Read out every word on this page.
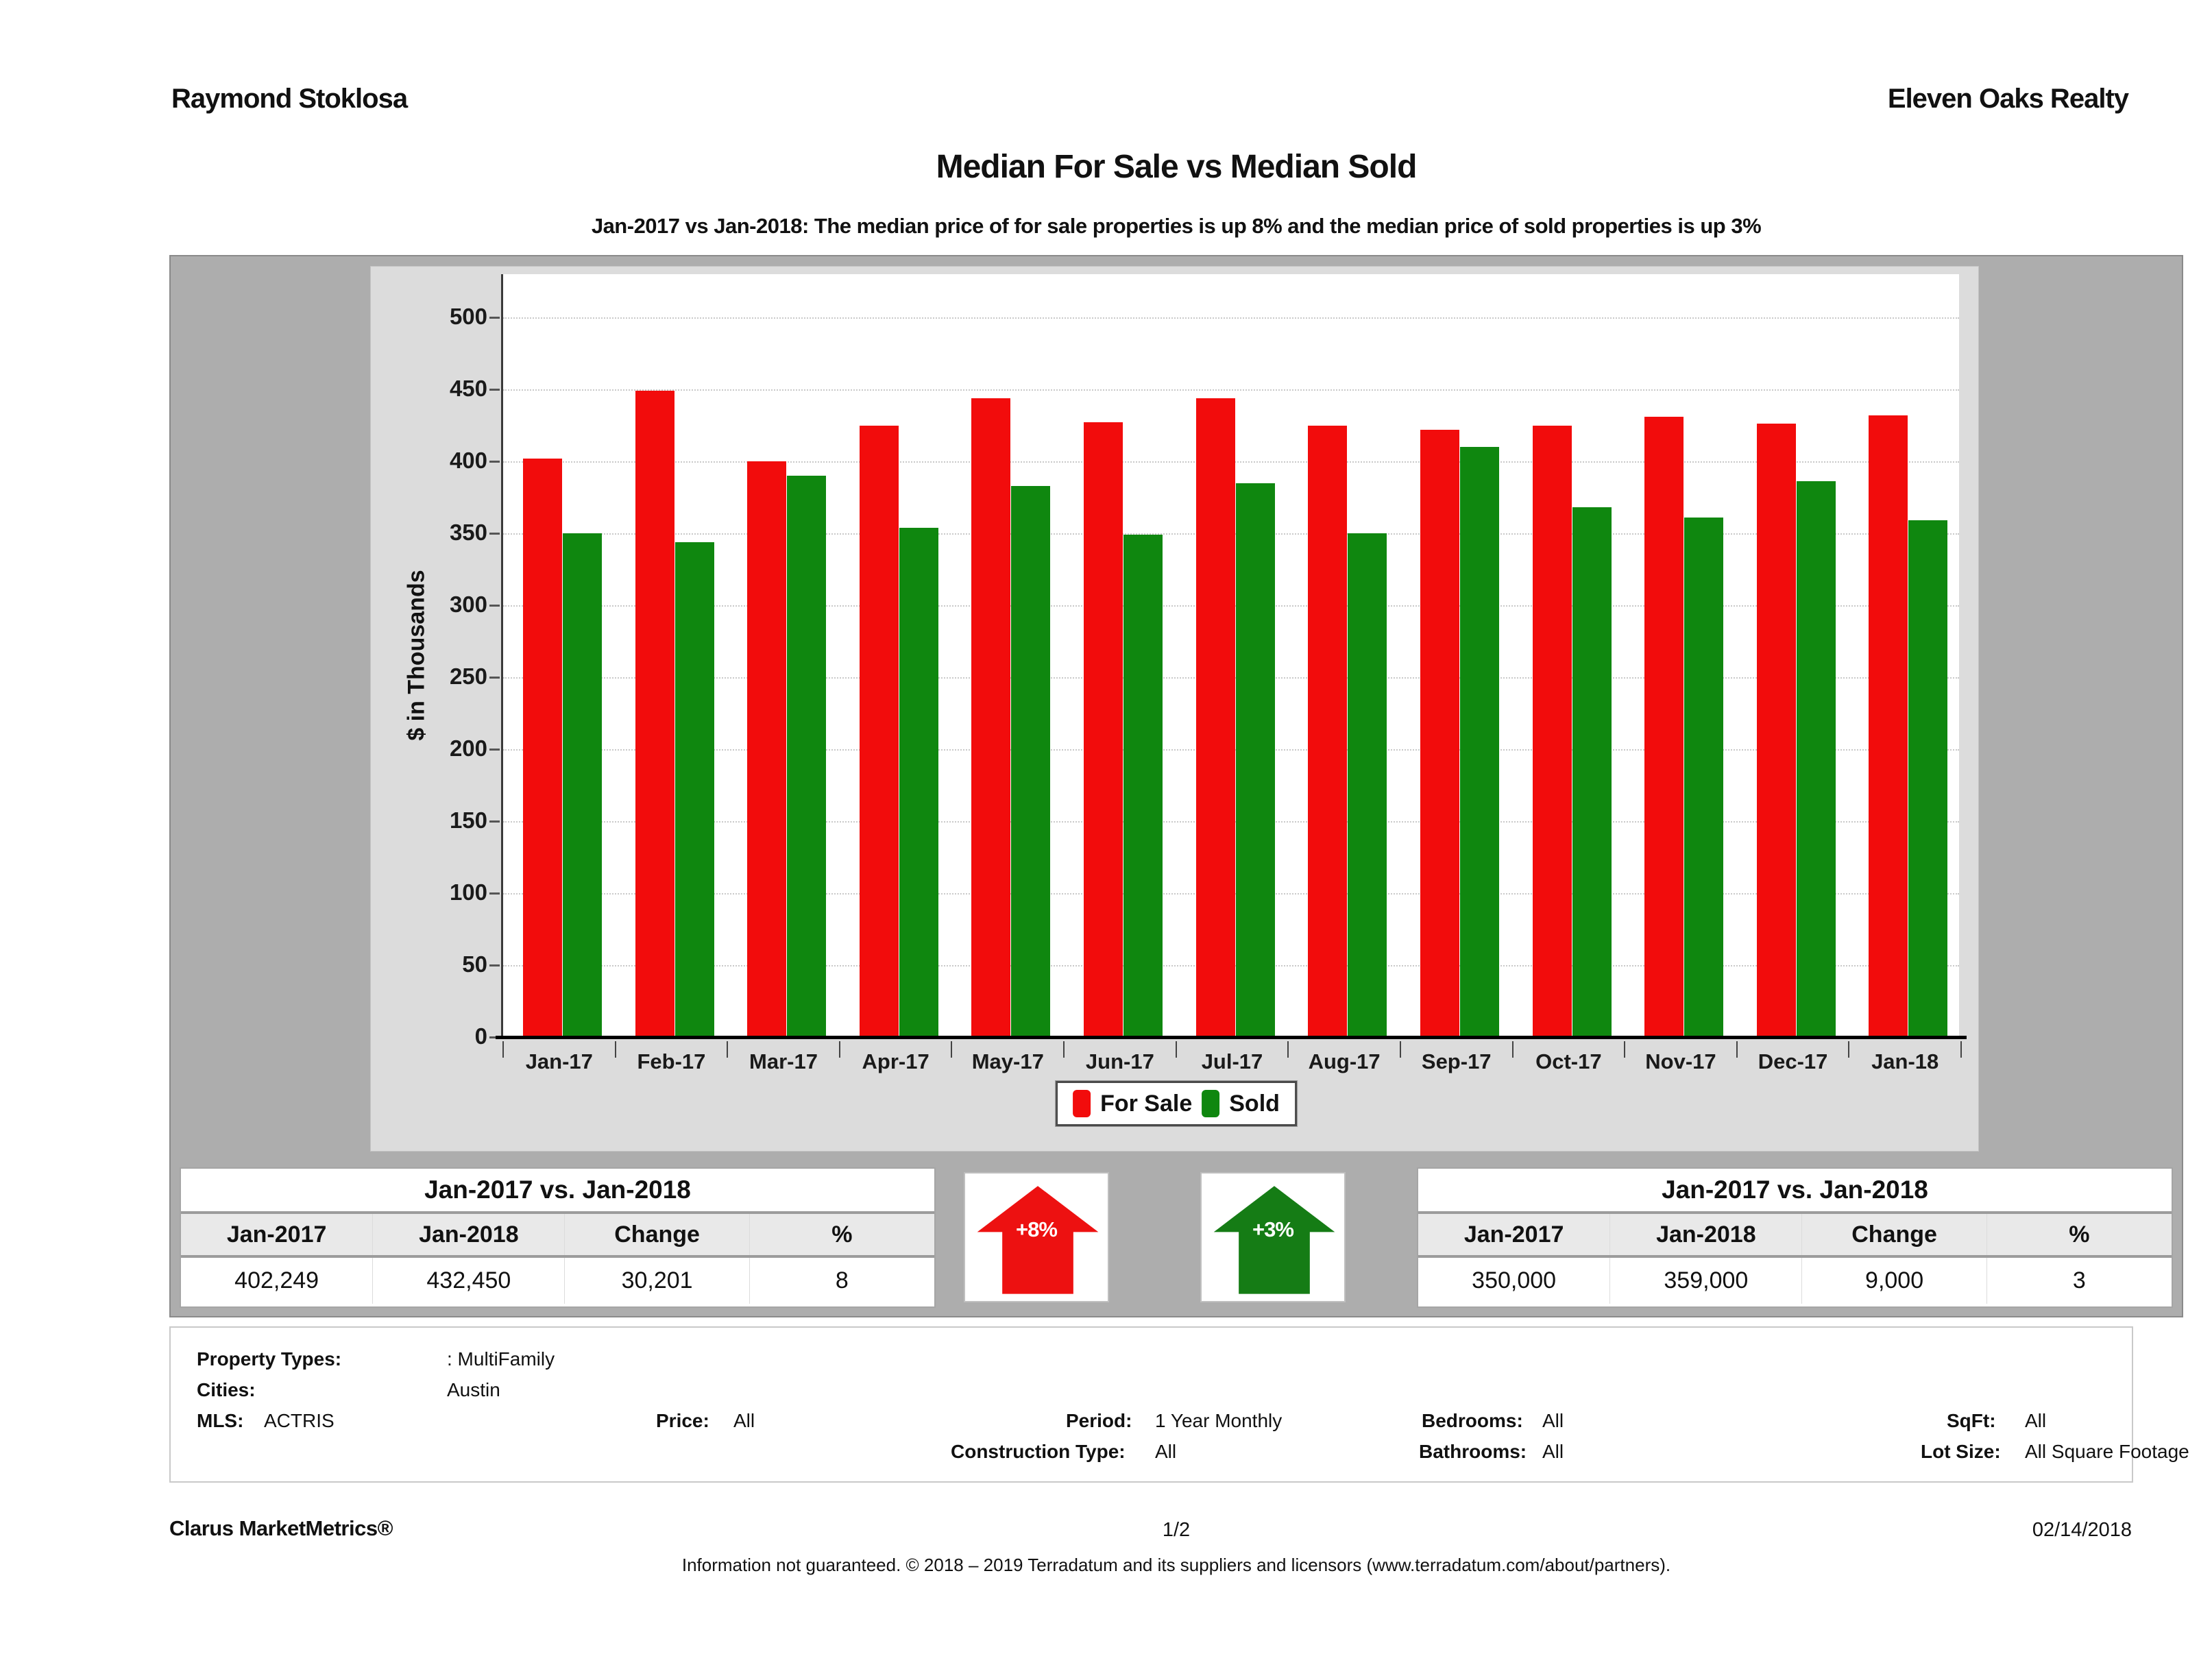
Raymond Stoklosa	Eleven Oaks Realty
Median For Sale vs Median Sold
Jan-2017 vs Jan-2018: The median price of for sale properties is up 8% and the median price of sold properties is up 3%
$ in Thousands
0
50
100
150
200
250
300
350
400
450
500
Jan-17	Feb-17	Mar-17	Apr-17	May-17	Jun-17	Jul-17	Aug-17	Sep-17	Oct-17	Nov-17	Dec-17	Jan-18
For Sale Sold
Jan-2017 vs. Jan-2018
Jan-2017	Jan-2018	Change	%
402,249	432,450	30,201	8
+8%	+3%
Jan-2017 vs. Jan-2018
Jan-2017	Jan-2018	Change	%
350,000	359,000	9,000	3
Property Types:	: MultiFamily
Cities:	Austin
MLS: ACTRIS	Price: All	Period: 1 Year Monthly	Bedrooms: All	SqFt: All
Construction Type: All	Bathrooms: All	Lot Size: All Square Footage
Clarus MarketMetrics®	1/2	02/14/2018
Information not guaranteed. © 2018 – 2019 Terradatum and its suppliers and licensors (www.terradatum.com/about/partners).
